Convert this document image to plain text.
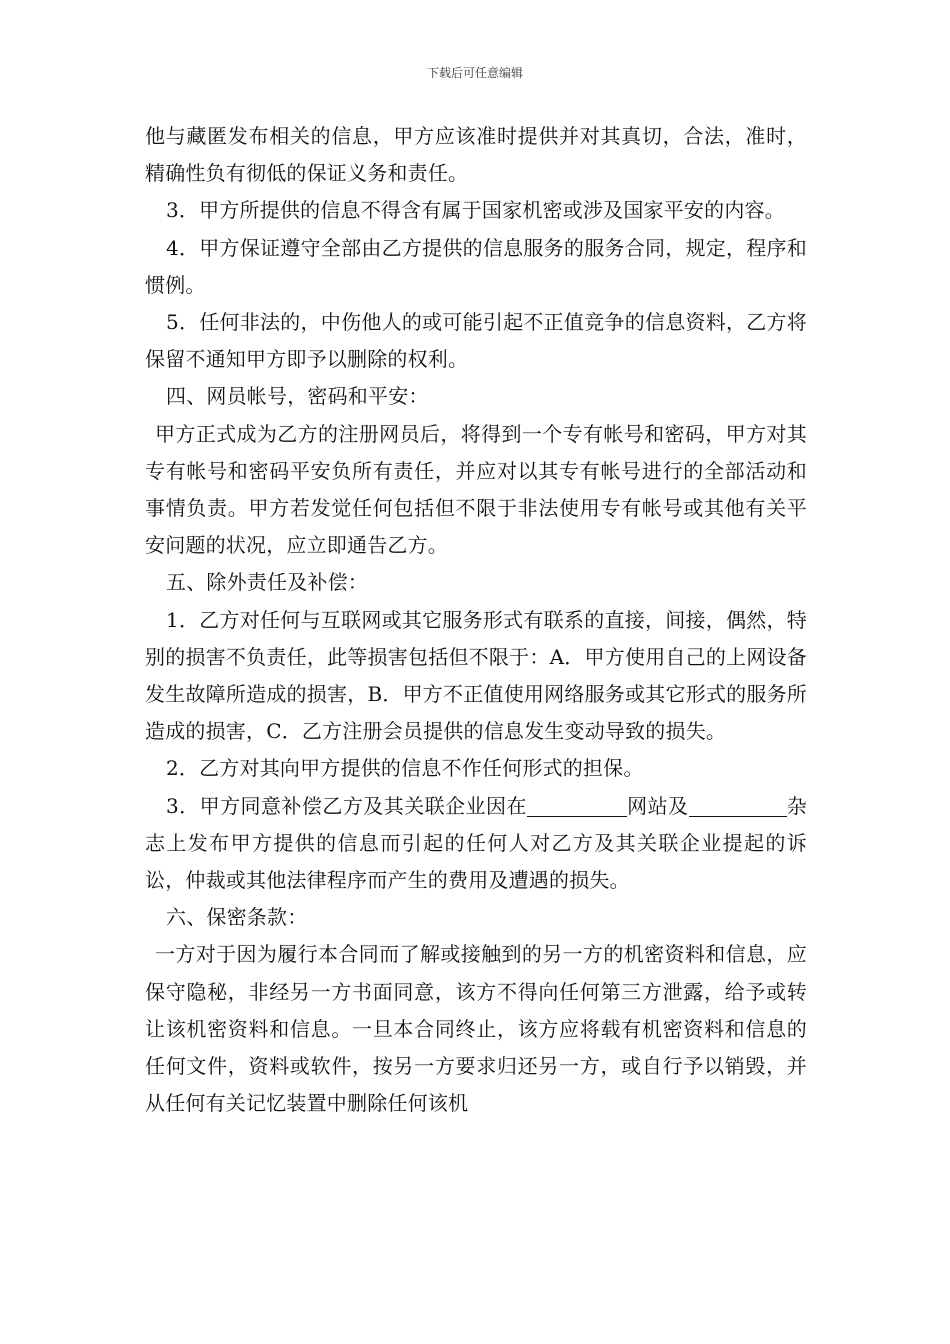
下载后可任意编辑

他与藏匿发布相关的信息，甲方应该准时提供并对其真切，合法，准时，精确性负有彻低的保证义务和责任。

3．甲方所提供的信息不得含有属于国家机密或涉及国家平安的内容。

4．甲方保证遵守全部由乙方提供的信息服务的服务合同，规定，程序和惯例。

5．任何非法的，中伤他人的或可能引起不正值竞争的信息资料，乙方将保留不通知甲方即予以删除的权利。

四、网员帐号，密码和平安：

甲方正式成为乙方的注册网员后，将得到一个专有帐号和密码，甲方对其专有帐号和密码平安负所有责任，并应对以其专有帐号进行的全部活动和事情负责。甲方若发觉任何包括但不限于非法使用专有帐号或其他有关平安问题的状况，应立即通告乙方。

五、除外责任及补偿：

1．乙方对任何与互联网或其它服务形式有联系的直接，间接，偶然，特别的损害不负责任，此等损害包括但不限于：A．甲方使用自己的上网设备发生故障所造成的损害，B．甲方不正值使用网络服务或其它形式的服务所造成的损害，C．乙方注册会员提供的信息发生变动导致的损失。

2．乙方对其向甲方提供的信息不作任何形式的担保。

3．甲方同意补偿乙方及其关联企业因在	网站及	杂志上发布甲方提供的信息而引起的任何人对乙方及其关联企业提起的诉讼，仲裁或其他法律程序而产生的费用及遭遇的损失。

六、保密条款：

一方对于因为履行本合同而了解或接触到的另一方的机密资料和信息，应保守隐秘，非经另一方书面同意，该方不得向任何第三方泄露，给予或转让该机密资料和信息。一旦本合同终止，该方应将载有机密资料和信息的任何文件，资料或软件，按另一方要求归还另一方，或自行予以销毁，并从任何有关记忆装置中删除任何该机
